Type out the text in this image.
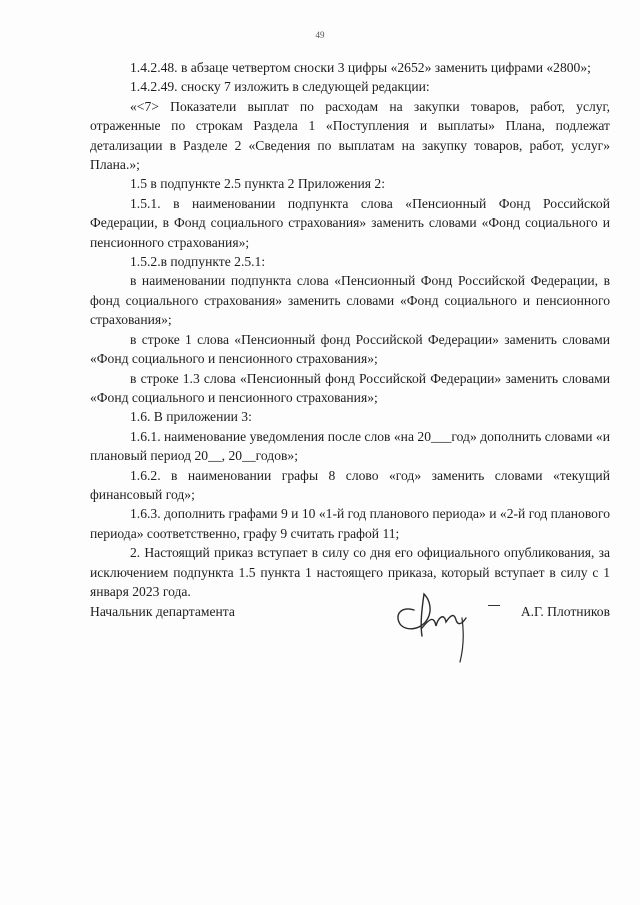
49

1.4.2.48. в абзаце четвертом сноски 3 цифры «2652» заменить цифрами «2800»;

1.4.2.49. сноску 7 изложить в следующей редакции:

«<7> Показатели выплат по расходам на закупки товаров, работ, услуг, отраженные по строкам Раздела 1 «Поступления и выплаты» Плана, подлежат детализации в Разделе 2 «Сведения по выплатам на закупку товаров, работ, услуг» Плана.»;

1.5 в подпункте 2.5 пункта 2 Приложения 2:

1.5.1. в наименовании подпункта слова «Пенсионный Фонд Российской Федерации, в Фонд социального страхования» заменить словами «Фонд социального и пенсионного страхования»;

1.5.2.в подпункте 2.5.1:

в наименовании подпункта слова «Пенсионный Фонд Российской Федерации, в фонд социального страхования» заменить словами «Фонд социального и пенсионного страхования»;

в строке 1 слова «Пенсионный фонд Российской Федерации» заменить словами «Фонд социального и пенсионного страхования»;

в строке 1.3 слова «Пенсионный фонд Российской Федерации» заменить словами «Фонд социального и пенсионного страхования»;

1.6. В приложении 3:

1.6.1. наименование уведомления после слов «на 20___год» дополнить словами «и плановый период 20__, 20__годов»;

1.6.2. в наименовании графы 8 слово «год» заменить словами «текущий финансовый год»;

1.6.3. дополнить графами 9 и 10 «1-й год планового периода» и «2-й год планового периода» соответственно, графу 9 считать графой 11;

2. Настоящий приказ вступает в силу со дня его официального опубликования, за исключением подпункта 1.5 пункта 1 настоящего приказа, который вступает в силу с 1 января 2023 года.

Начальник департамента	А.Г. Плотников
